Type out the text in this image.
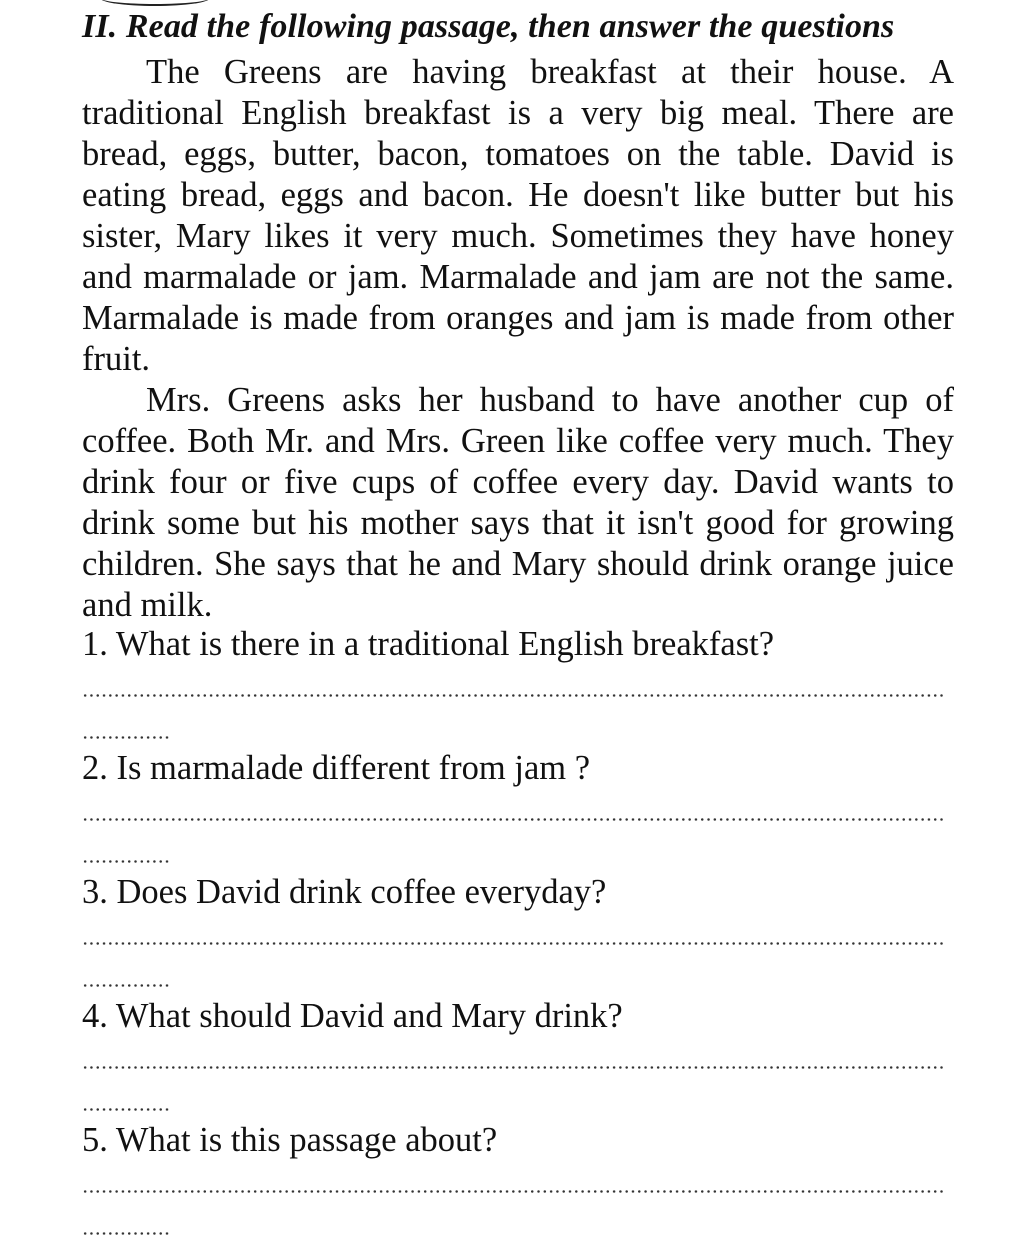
II. Read the following passage, then answer the questions

The Greens are having breakfast at their house. A traditional English breakfast is a very big meal. There are bread, eggs, butter, bacon, tomatoes on the table. David is eating bread, eggs and bacon. He doesn't like butter but his sister, Mary likes it very much. Sometimes they have honey and marmalade or jam. Marmalade and jam are not the same. Marmalade is made from oranges and jam is made from other fruit.

Mrs. Greens asks her husband to have another cup of coffee. Both Mr. and Mrs. Green like coffee very much. They drink four or five cups of coffee every day. David wants to drink some but his mother says that it isn't good for growing children. She says that he and Mary should drink orange juice and milk.

1. What is there in a traditional English breakfast?
2. Is marmalade different from jam ?
3. Does David drink coffee everyday?
4. What should David and Mary drink?
5. What is this passage about?
